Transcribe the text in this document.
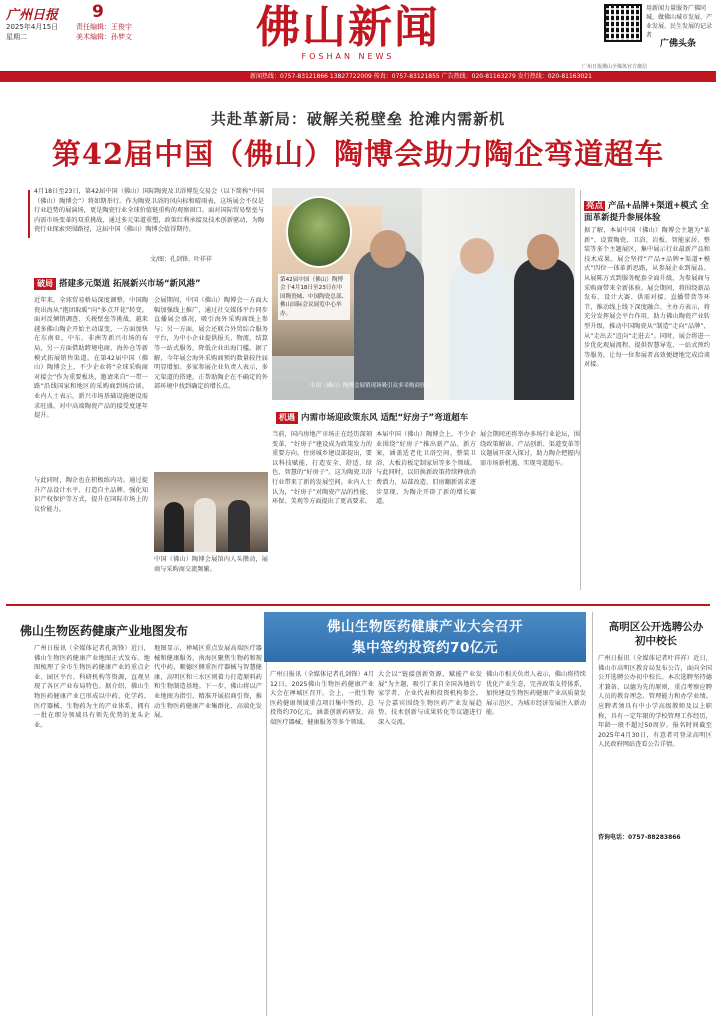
广州日报 9
2025年4月15日
星期二
责任编辑：王俊宇
美术编辑：孙梦文	佛山新闻
FOSHAN NEWS
用新闻力量服务广佛同城，做佛山城市发展、产业发展、民生发展的记录者
广佛头条
广州日报佛山全媒体官方微信
新闻热线：0757-83121866 13827722009 传真：0757-83121855 广告热线：020-81163279 发行热线：020-81163021
共赴革新局：破解关税壁垒 抢滩内需新机
第42届中国（佛山）陶博会助力陶企弯道超车
4月18日至23日，第42届中国（佛山）国际陶瓷及卫浴博览交易会（以下简称“中国（佛山）陶博会”）将如期举行。作为陶瓷卫浴的风向标和晴雨表，这场展会不仅是行业趋势的展演场，更是陶瓷行业全球价值链重构的观察窗口。面对国际贸易壁垒与内需市场变革的双重挑战，通过多元渠道重塑，政策红利承接及技术创新驱动，为陶瓷行业探索突围路径，这届中国（佛山）陶博会值得期待。
文/图：孔剑锋、叶祥祥
第42届中国（佛山）陶博会于4月18日至23日在中国陶瓷城、中国陶瓷总部、佛山国际会议展览中心举办。
中国（佛山）陶博会展销现场吸引众多采购商驻足。
破局 搭建多元渠道 拓展新兴市场“新风港”
近年来，全球贸易格局深度调整，中国陶瓷出海从“抱团取暖”向“多点开花”转变。面对反倾销调查、关税壁垒等挑战，越来越多佛山陶企开始主动谋变，一方面加快在东南亚、中东、非洲等新兴市场的布局，另一方面借助跨境电商、海外仓等新模式拓展销售渠道。在第42届中国（佛山）陶博会上，不少企业将“全球采购商对接会”作为重要板块，邀请来自“一带一路”沿线国家和地区的采购商到场洽谈。业内人士表示，新兴市场基础设施建设需求旺盛，对中高端陶瓷产品的接受度逐年提升。
会展期间，中国（佛山）陶博会一方面大幅加强线上推广，通过社交媒体平台同步直播展会盛况，吸引海外采购商线上参与；另一方面，展会还联合外贸综合服务平台，为中小企业提供报关、物流、结算等一站式服务，降低企业出海门槛。据了解，今年展会海外采购商预约数量较往届明显增加。多家参展企业负责人表示，多元渠道的搭建，正帮助陶企在不确定的外部环境中找到确定的增长点。
与此同时，陶企也在积极练内功。通过提升产品设计水平、打造自主品牌、强化知识产权保护等方式，提升在国际市场上的议价能力。
中国（佛山）陶博会展馆内人头攒动，展商与采购商交流频繁。
机遇 内需市场迎政策东风 适配“好房子”弯道超车
当前，国内房地产市场正在经历深刻变革，“好房子”建设成为政策发力的重要方向。住房城乡建设部提出，要以科技赋能，打造安全、舒适、绿色、智慧的“好房子”。这为陶瓷卫浴行业带来了新的发展空间。业内人士认为，“好房子”对陶瓷产品的性能、环保、美观等方面提出了更高要求。
本届中国（佛山）陶博会上，不少企业围绕“好房子”推出新产品、新方案，涵盖适老化卫浴空间、整装卫浴、大板岩板定制家居等多个领域。与此同时，以旧换新政策持续释放消费潜力，局部改造、旧房翻新需求逐步显现，为陶企开辟了新的增长赛道。
展会期间还将举办多场行业论坛，围绕政策解读、产品创新、渠道变革等议题展开深入探讨，助力陶企把握内需市场新机遇，实现弯道超车。
亮点 产品+品牌+渠道+模式 全面革新提升参展体验
据了解，本届中国（佛山）陶博会主题为“革新”，设置陶瓷、卫浴、岩板、智能家居、整装等多个主题展区，集中展示行业最新产品和技术成果。展会坚持“产品+品牌+渠道+模式”四位一体革新思路，从参展企业到展品、从展陈方式到服务配套全面升级，为参展商与采购商带来全新体验。展会期间，将围绕新品发布、设计大赛、供需对接、直播带货等环节，推动线上线下深度融合。主办方表示，将充分发挥展会平台作用，助力佛山陶瓷产业转型升级，推动中国陶瓷从“制造”走向“品牌”，从“走出去”迈向“走进去”。同时，展会将进一步优化观展流程，提供智慧导览、一站式预约等服务，让每一位参展者高效便捷地完成洽谈对接。
佛山生物医药健康产业地图发布
广州日报讯（全媒体记者孔剑锋）近日，佛山生物医药健康产业地图正式发布。地图梳理了全市生物医药健康产业的重点企业、园区平台、科研机构等资源，直观呈现了各区产业布局特色。据介绍，佛山生物医药健康产业已形成以中药、化学药、医疗器械、生物药为主的产业体系，拥有一批在细分领域具有领先优势的龙头企业。
地图显示，禅城区重点发展高端医疗器械和健康服务，南海区聚焦生物药和现代中药，顺德区侧重医疗器械与智慧健康，高明区和三水区则着力打造原料药和生物制造基地。下一步，佛山将以产业地图为指引，精准开展招商引资，推动生物医药健康产业集群化、高端化发展。
佛山生物医药健康产业大会召开
集中签约投资约70亿元
广州日报讯（全媒体记者孔剑锋）4月12日，2025佛山生物医药健康产业大会在禅城区召开。会上，一批生物医药健康领域重点项目集中签约，总投资约70亿元，涵盖创新药研发、高端医疗器械、健康服务等多个领域。
大会以“链接创新资源，赋能产业发展”为主题，吸引了来自全国各地的专家学者、企业代表和投资机构参会。与会嘉宾围绕生物医药产业发展趋势、技术创新与成果转化等议题进行深入交流。
佛山市相关负责人表示，佛山将持续优化产业生态，完善政策支持体系，加快建设生物医药健康产业高质量发展示范区，为城市经济发展注入新动能。
高明区公开选聘公办初中校长
广州日报讯（全媒体记者叶祥祥）近日，佛山市高明区教育局发布公告，面向全国公开选聘公办初中校长。本次选聘坚持德才兼备、以德为先的原则，重点考察应聘人员的教育理念、管理能力和办学业绩。应聘者须具有中小学高级教师及以上职称，具有一定年限的学校管理工作经历，年龄一般不超过50周岁。报名时间截至2025年4月30日，有意者可登录高明区人民政府网站查看公告详情。
咨询电话：0757-88283866
